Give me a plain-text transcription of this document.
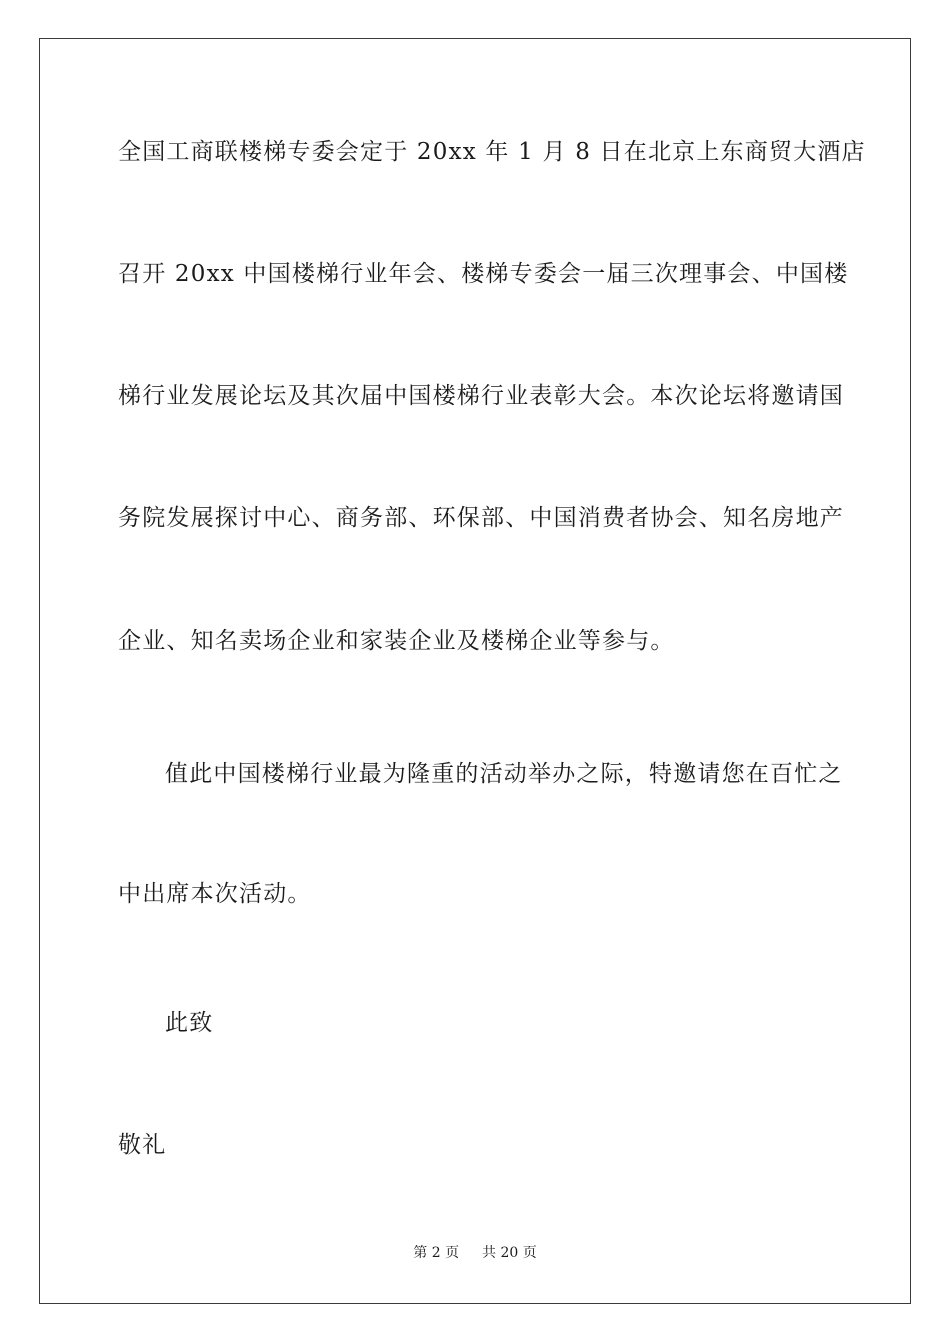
全国工商联楼梯专委会定于 20xx 年 1 月 8 日在北京上东商贸大酒店
召开 20xx 中国楼梯行业年会、楼梯专委会一届三次理事会、中国楼
梯行业发展论坛及其次届中国楼梯行业表彰大会。本次论坛将邀请国
务院发展探讨中心、商务部、环保部、中国消费者协会、知名房地产
企业、知名卖场企业和家装企业及楼梯企业等参与。
值此中国楼梯行业最为隆重的活动举办之际，特邀请您在百忙之
中出席本次活动。
此致
敬礼
第 2 页 共 20 页
